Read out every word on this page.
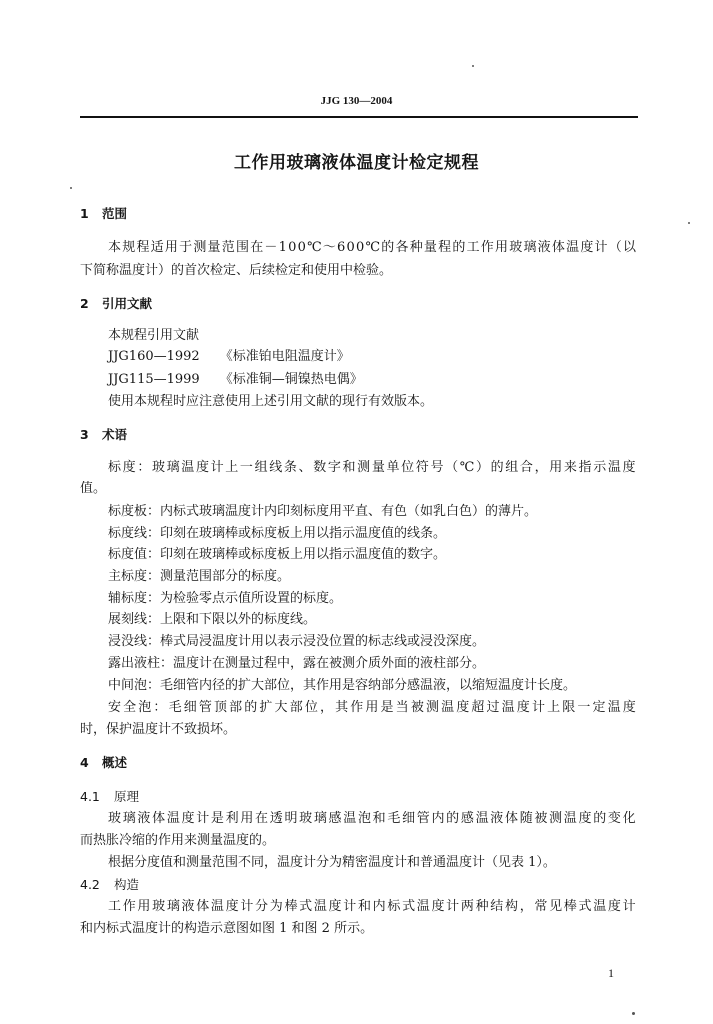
JJG 130—2004
工作用玻璃液体温度计检定规程
1 范围
本 规 程 适 用 于 测 量 范 围 在 － 1 0 0 ℃ ～ 6 0 0 ℃ 的 各 种 量 程 的 工 作 用 玻 璃 液 体 温 度 计 （ 以
下简称温度计）的首次检定、后续检定和使用中检验。
2 引用文献
本规程引用文献
JJG160—1992 《标准铂电阻温度计》
JJG115—1999 《标准铜—铜镍热电偶》
使用本规程时应注意使用上述引用文献的现行有效版本。
3 术语
标 度 ： 玻 璃 温 度 计 上 一 组 线 条 、 数 字 和 测 量 单 位 符 号 （ ℃ ） 的 组 合 ， 用 来 指 示 温 度
值。
标度板：内标式玻璃温度计内印刻标度用平直、有色（如乳白色）的薄片。
标度线：印刻在玻璃棒或标度板上用以指示温度值的线条。
标度值：印刻在玻璃棒或标度板上用以指示温度值的数字。
主标度：测量范围部分的标度。
辅标度：为检验零点示值所设置的标度。
展刻线：上限和下限以外的标度线。
浸没线：棒式局浸温度计用以表示浸没位置的标志线或浸没深度。
露出液柱：温度计在测量过程中，露在被测介质外面的液柱部分。
中间泡：毛细管内径的扩大部位，其作用是容纳部分感温液，以缩短温度计长度。
安 全 泡 ： 毛 细 管 顶 部 的 扩 大 部 位 ， 其 作 用 是 当 被 测 温 度 超 过 温 度 计 上 限 一 定 温 度
时，保护温度计不致损坏。
4 概述
4.1 原理
玻 璃 液 体 温 度 计 是 利 用 在 透 明 玻 璃 感 温 泡 和 毛 细 管 内 的 感 温 液 体 随 被 测 温 度 的 变 化
而热胀冷缩的作用来测量温度的。
根据分度值和测量范围不同，温度计分为精密温度计和普通温度计（见表 1）。
4.2 构造
工 作 用 玻 璃 液 体 温 度 计 分 为 棒 式 温 度 计 和 内 标 式 温 度 计 两 种 结 构 ， 常 见 棒 式 温 度 计
和内标式温度计的构造示意图如图 1 和图 2 所示。
1
